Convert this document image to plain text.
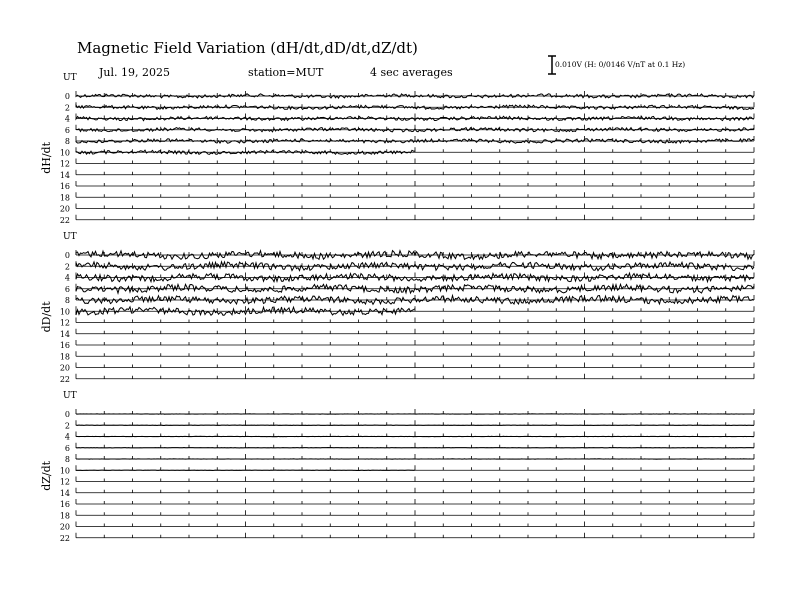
Magnetic Field Variation (dH/dt,dD/dt,dZ/dt)
Jul. 19, 2025	station=MUT	4 sec averages
0.010V (H: 0/0146 V/nT at 0.1 Hz)
UT
dH/dt
0
2
4
6
8
10
12
14
16
18
20
22
UT
dD/dt
0
2
4
6
8
10
12
14
16
18
20
22
UT
dZ/dt
0
2
4
6
8
10
12
14
16
18
20
22
